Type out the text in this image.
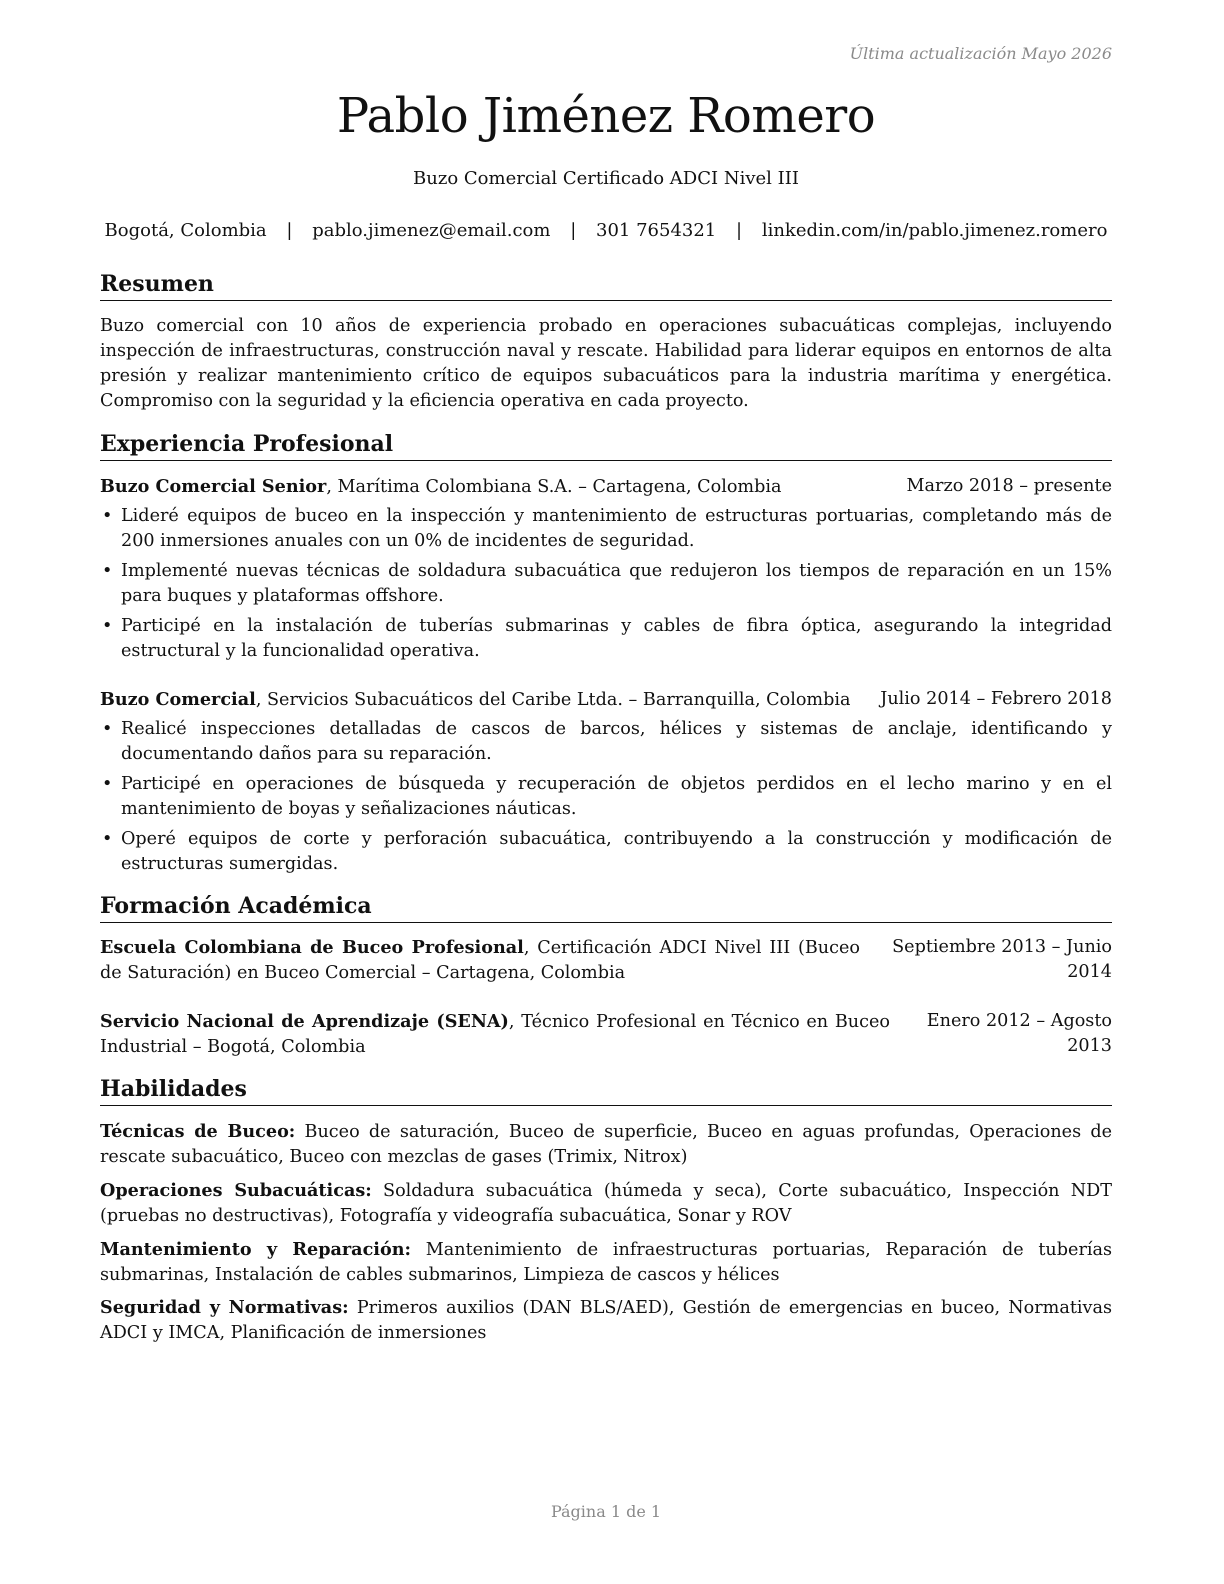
Última actualización Mayo 2026
Pablo Jiménez Romero
Buzo Comercial Certificado ADCI Nivel III
Bogotá, Colombia | pablo.jimenez@email.com | 301 7654321 | linkedin.com/in/pablo.jimenez.romero
Resumen
Buzo comercial con 10 años de experiencia probado en operaciones subacuáticas complejas, incluyendo inspección de infraestructuras, construcción naval y rescate. Habilidad para liderar equipos en entornos de alta presión y realizar mantenimiento crítico de equipos subacuáticos para la industria marítima y energética. Compromiso con la seguridad y la eficiencia operativa en cada proyecto.
Experiencia Profesional
Buzo Comercial Senior, Marítima Colombiana S.A. – Cartagena, Colombia	Marzo 2018 – presente
• Lideré equipos de buceo en la inspección y mantenimiento de estructuras portuarias, completando más de 200 inmersiones anuales con un 0% de incidentes de seguridad.
• Implementé nuevas técnicas de soldadura subacuática que redujeron los tiempos de reparación en un 15% para buques y plataformas offshore.
• Participé en la instalación de tuberías submarinas y cables de fibra óptica, asegurando la integridad estructural y la funcionalidad operativa.
Buzo Comercial, Servicios Subacuáticos del Caribe Ltda. – Barranquilla, Colombia Julio 2014 – Febrero 2018
• Realicé inspecciones detalladas de cascos de barcos, hélices y sistemas de anclaje, identificando y documentando daños para su reparación.
• Participé en operaciones de búsqueda y recuperación de objetos perdidos en el lecho marino y en el mantenimiento de boyas y señalizaciones náuticas.
• Operé equipos de corte y perforación subacuática, contribuyendo a la construcción y modificación de estructuras sumergidas.
Formación Académica
Escuela Colombiana de Buceo Profesional, Certificación ADCI Nivel III (Buceo de Saturación) en Buceo Comercial – Cartagena, Colombia
Septiembre 2013 – Junio 2014
Servicio Nacional de Aprendizaje (SENA), Técnico Profesional en Técnico en Buceo Industrial – Bogotá, Colombia
Enero 2012 – Agosto 2013
Habilidades
Técnicas de Buceo: Buceo de saturación, Buceo de superficie, Buceo en aguas profundas, Operaciones de rescate subacuático, Buceo con mezclas de gases (Trimix, Nitrox)
Operaciones Subacuáticas: Soldadura subacuática (húmeda y seca), Corte subacuático, Inspección NDT (pruebas no destructivas), Fotografía y videografía subacuática, Sonar y ROV
Mantenimiento y Reparación: Mantenimiento de infraestructuras portuarias, Reparación de tuberías submarinas, Instalación de cables submarinos, Limpieza de cascos y hélices
Seguridad y Normativas: Primeros auxilios (DAN BLS/AED), Gestión de emergencias en buceo, Normativas ADCI y IMCA, Planificación de inmersiones
Página 1 de 1
